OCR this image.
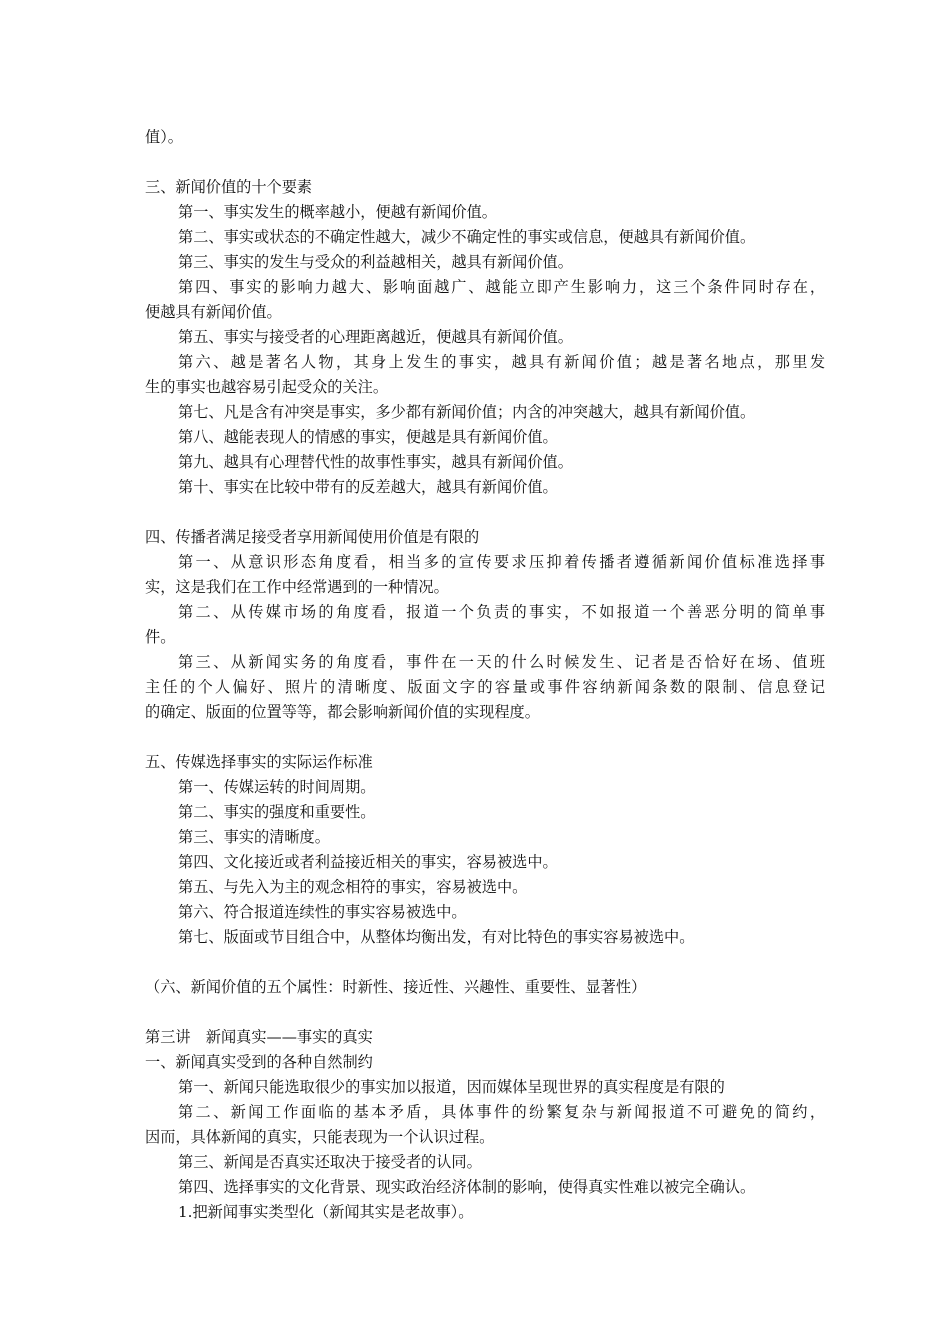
值）。
三、新闻价值的十个要素
第一、事实发生的概率越小，便越有新闻价值。
第二、事实或状态的不确定性越大，减少不确定性的事实或信息，便越具有新闻价值。
第三、事实的发生与受众的利益越相关，越具有新闻价值。
第四、事实的影响力越大、影响面越广、越能立即产生影响力，这三个条件同时存在，
便越具有新闻价值。
第五、事实与接受者的心理距离越近，便越具有新闻价值。
第六、越是著名人物，其身上发生的事实，越具有新闻价值；越是著名地点，那里发
生的事实也越容易引起受众的关注。
第七、凡是含有冲突是事实，多少都有新闻价值；内含的冲突越大，越具有新闻价值。
第八、越能表现人的情感的事实，便越是具有新闻价值。
第九、越具有心理替代性的故事性事实，越具有新闻价值。
第十、事实在比较中带有的反差越大，越具有新闻价值。
四、传播者满足接受者享用新闻使用价值是有限的
第一、从意识形态角度看，相当多的宣传要求压抑着传播者遵循新闻价值标准选择事
实，这是我们在工作中经常遇到的一种情况。
第二、从传媒市场的角度看，报道一个负责的事实，不如报道一个善恶分明的简单事
件。
第三、从新闻实务的角度看，事件在一天的什么时候发生、记者是否恰好在场、值班
主任的个人偏好、照片的清晰度、版面文字的容量或事件容纳新闻条数的限制、信息登记
的确定、版面的位置等等，都会影响新闻价值的实现程度。
五、传媒选择事实的实际运作标准
第一、传媒运转的时间周期。
第二、事实的强度和重要性。
第三、事实的清晰度。
第四、文化接近或者利益接近相关的事实，容易被选中。
第五、与先入为主的观念相符的事实，容易被选中。
第六、符合报道连续性的事实容易被选中。
第七、版面或节目组合中，从整体均衡出发，有对比特色的事实容易被选中。
（六、新闻价值的五个属性：时新性、接近性、兴趣性、重要性、显著性）
第三讲　新闻真实——事实的真实
一、新闻真实受到的各种自然制约
第一、新闻只能选取很少的事实加以报道，因而媒体呈现世界的真实程度是有限的
第二、新闻工作面临的基本矛盾，具体事件的纷繁复杂与新闻报道不可避免的简约，
因而，具体新闻的真实，只能表现为一个认识过程。
第三、新闻是否真实还取决于接受者的认同。
第四、选择事实的文化背景、现实政治经济体制的影响，使得真实性难以被完全确认。
1.把新闻事实类型化（新闻其实是老故事）。
